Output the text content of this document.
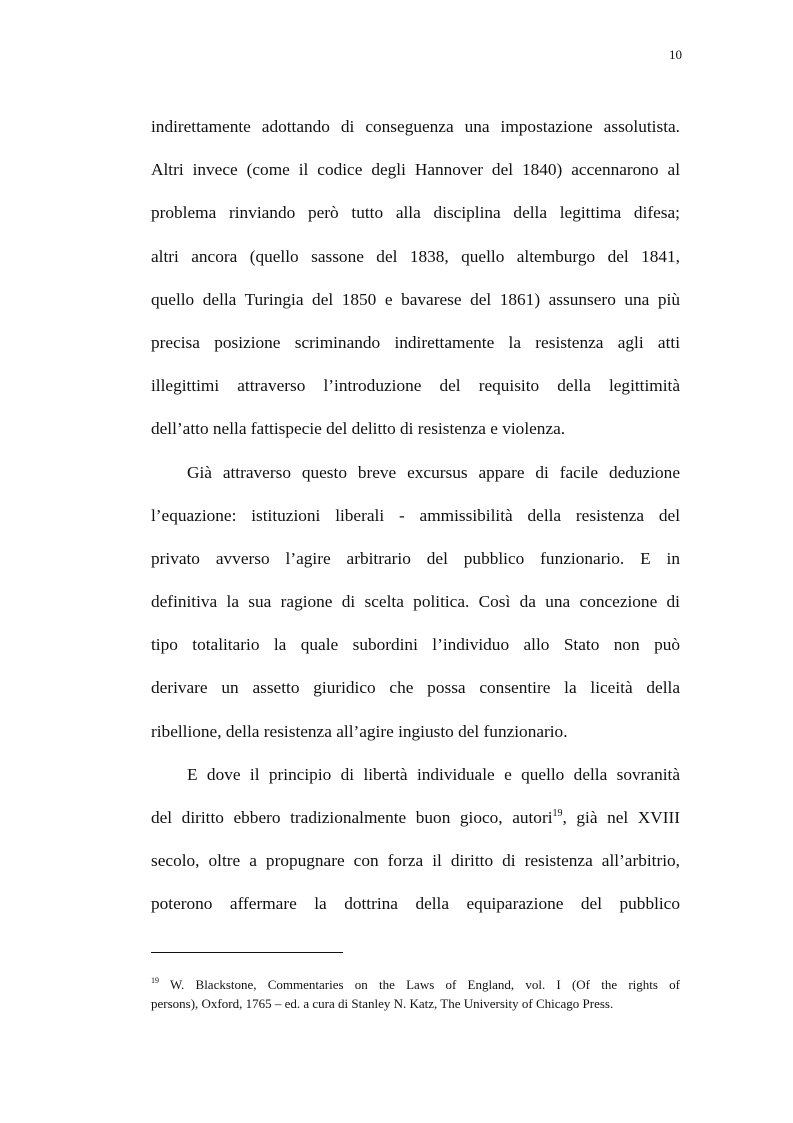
10
indirettamente adottando di conseguenza una impostazione assolutista.
Altri invece (come il codice degli Hannover del 1840) accennarono al
problema rinviando però tutto alla disciplina della legittima difesa;
altri ancora (quello sassone del 1838, quello altemburgo del 1841,
quello della Turingia del 1850 e bavarese del 1861) assunsero una più
precisa posizione scriminando indirettamente la resistenza agli atti
illegittimi attraverso l’introduzione del requisito della legittimità
dell’atto nella fattispecie del delitto di resistenza e violenza.
Già attraverso questo breve excursus appare di facile deduzione
l’equazione: istituzioni liberali - ammissibilità della resistenza del
privato avverso l’agire arbitrario del pubblico funzionario. E in
definitiva la sua ragione di scelta politica. Così da una concezione di
tipo totalitario la quale subordini l’individuo allo Stato non può
derivare un assetto giuridico che possa consentire la liceità della
ribellione, della resistenza all’agire ingiusto del funzionario.
E dove il principio di libertà individuale e quello della sovranità
del diritto ebbero tradizionalmente buon gioco, autori$^{19}$, già nel XVIII
secolo, oltre a propugnare con forza il diritto di resistenza all’arbitrio,
poterono affermare la dottrina della equiparazione del pubblico
$^{19}$ W. Blackstone, Commentaries on the Laws of England, vol. I (Of the rights of
persons), Oxford, 1765 – ed. a cura di Stanley N. Katz, The University of Chicago Press.
